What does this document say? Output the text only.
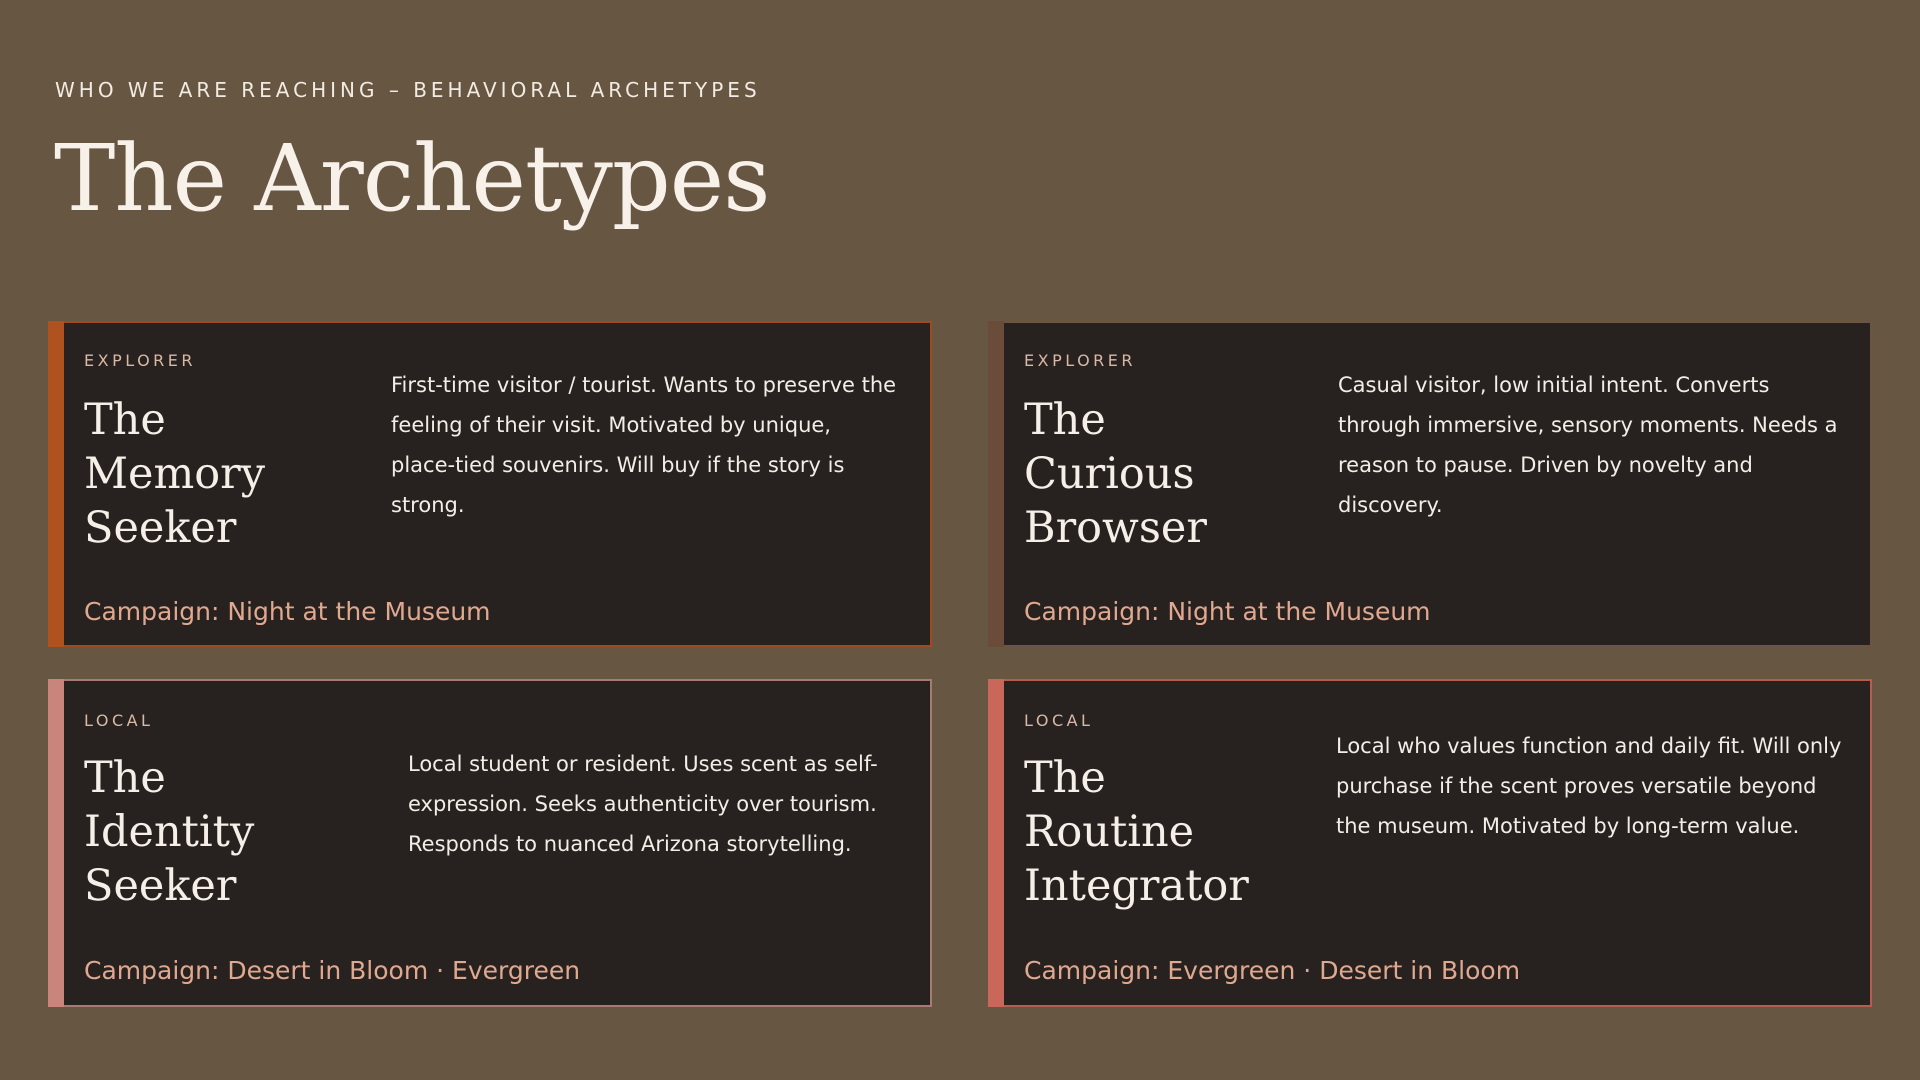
WHO WE ARE REACHING – BEHAVIORAL ARCHETYPES
The Archetypes
EXPLORER
The
Memory
Seeker
First-time visitor / tourist. Wants to preserve the feeling of their visit. Motivated by unique, place-tied souvenirs. Will buy if the story is strong.
Campaign: Night at the Museum
EXPLORER
The
Curious
Browser
Casual visitor, low initial intent. Converts through immersive, sensory moments. Needs a reason to pause. Driven by novelty and discovery.
Campaign: Night at the Museum
LOCAL
The
Identity
Seeker
Local student or resident. Uses scent as self-expression. Seeks authenticity over tourism. Responds to nuanced Arizona storytelling.
Campaign: Desert in Bloom · Evergreen
LOCAL
The
Routine
Integrator
Local who values function and daily fit. Will only purchase if the scent proves versatile beyond the museum. Motivated by long-term value.
Campaign: Evergreen · Desert in Bloom
